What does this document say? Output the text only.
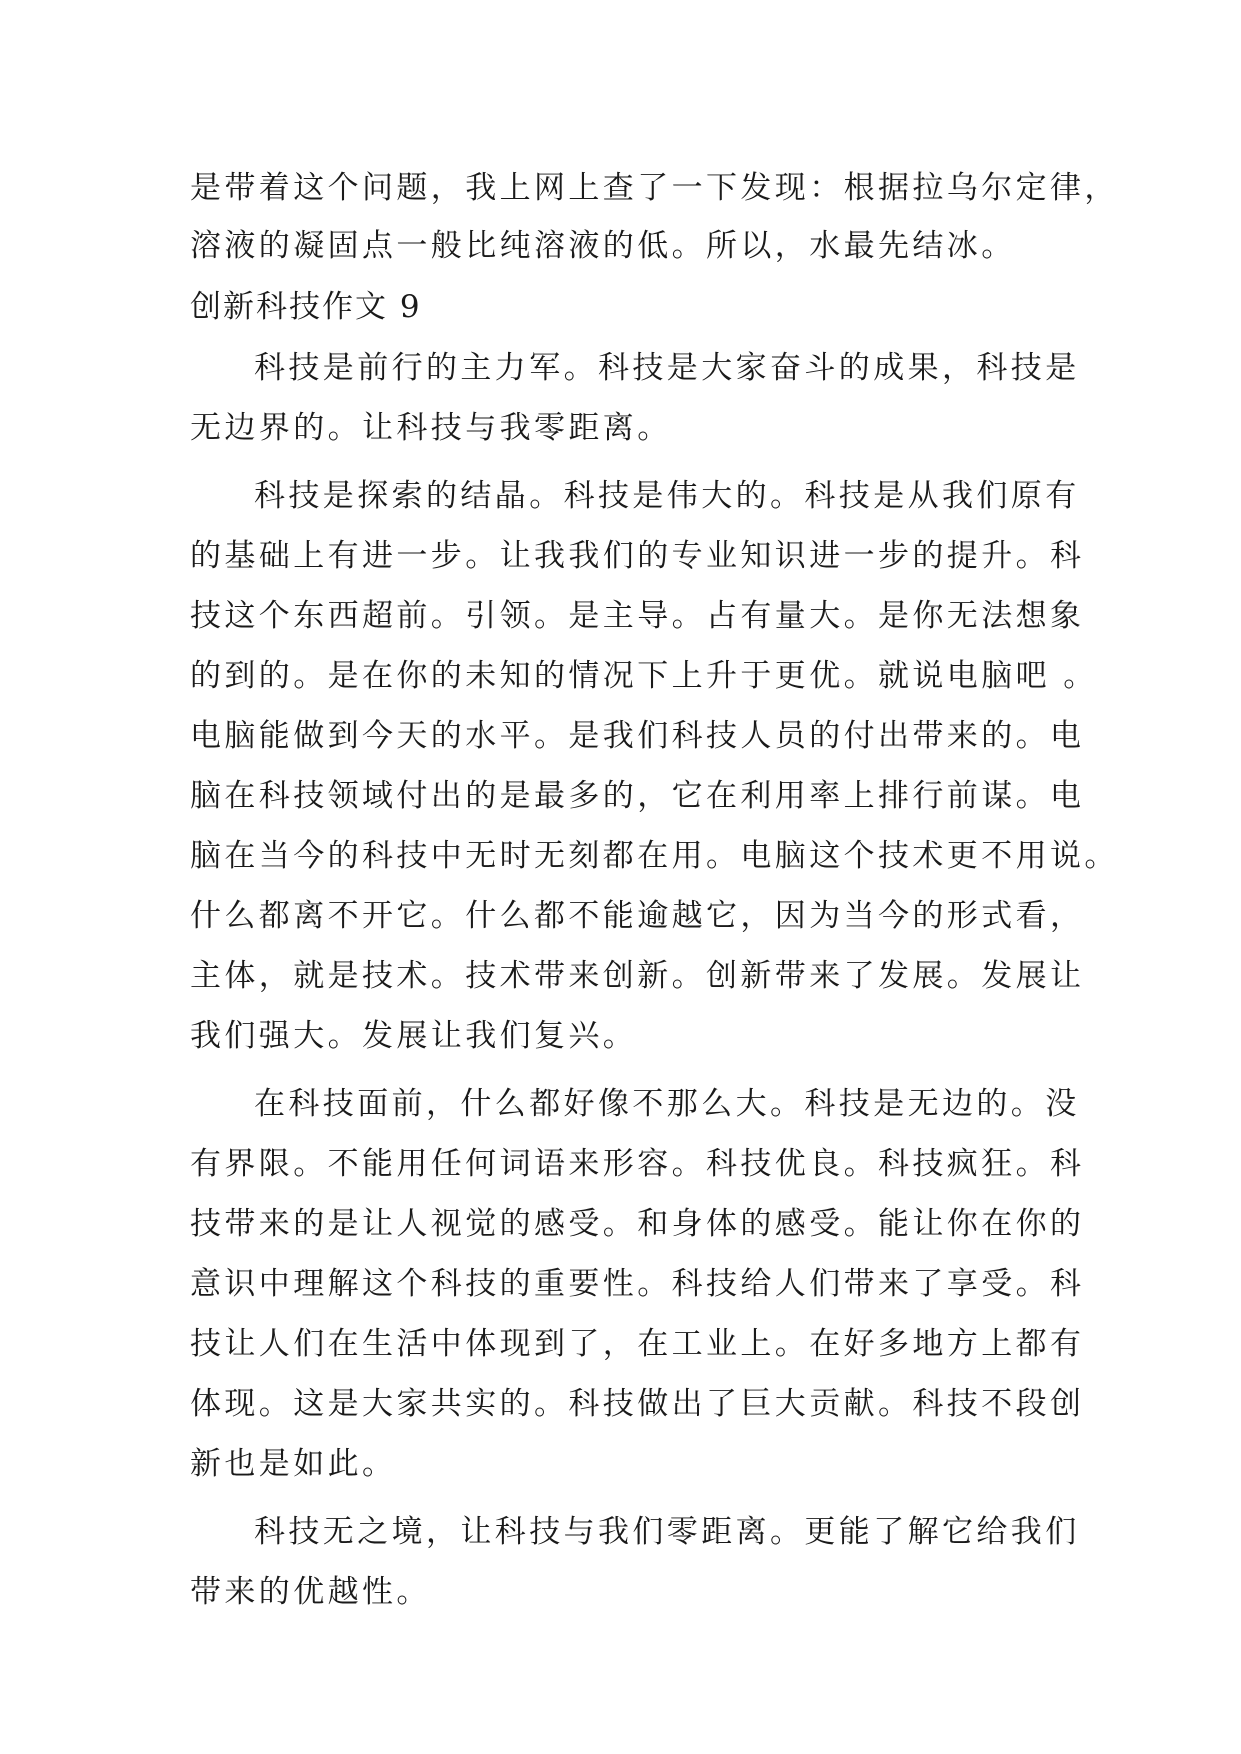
是带着这个问题，我上网上查了一下发现：根据拉乌尔定律，

溶液的凝固点一般比纯溶液的低。所以，水最先结冰。

创新科技作文 9

科技是前行的主力军。科技是大家奋斗的成果，科技是

无边界的。让科技与我零距离。

科技是探索的结晶。科技是伟大的。科技是从我们原有

的基础上有进一步。让我我们的专业知识进一步的提升。科

技这个东西超前。引领。是主导。占有量大。是你无法想象

的到的。是在你的未知的情况下上升于更优。就说电脑吧 。

电脑能做到今天的水平。是我们科技人员的付出带来的。电

脑在科技领域付出的是最多的，它在利用率上排行前谋。电

脑在当今的科技中无时无刻都在用。电脑这个技术更不用说。

什么都离不开它。什么都不能逾越它，因为当今的形式看，

主体，就是技术。技术带来创新。创新带来了发展。发展让

我们强大。发展让我们复兴。

在科技面前，什么都好像不那么大。科技是无边的。没

有界限。不能用任何词语来形容。科技优良。科技疯狂。科

技带来的是让人视觉的感受。和身体的感受。能让你在你的

意识中理解这个科技的重要性。科技给人们带来了享受。科

技让人们在生活中体现到了，在工业上。在好多地方上都有

体现。这是大家共实的。科技做出了巨大贡献。科技不段创

新也是如此。

科技无之境，让科技与我们零距离。更能了解它给我们

带来的优越性。
